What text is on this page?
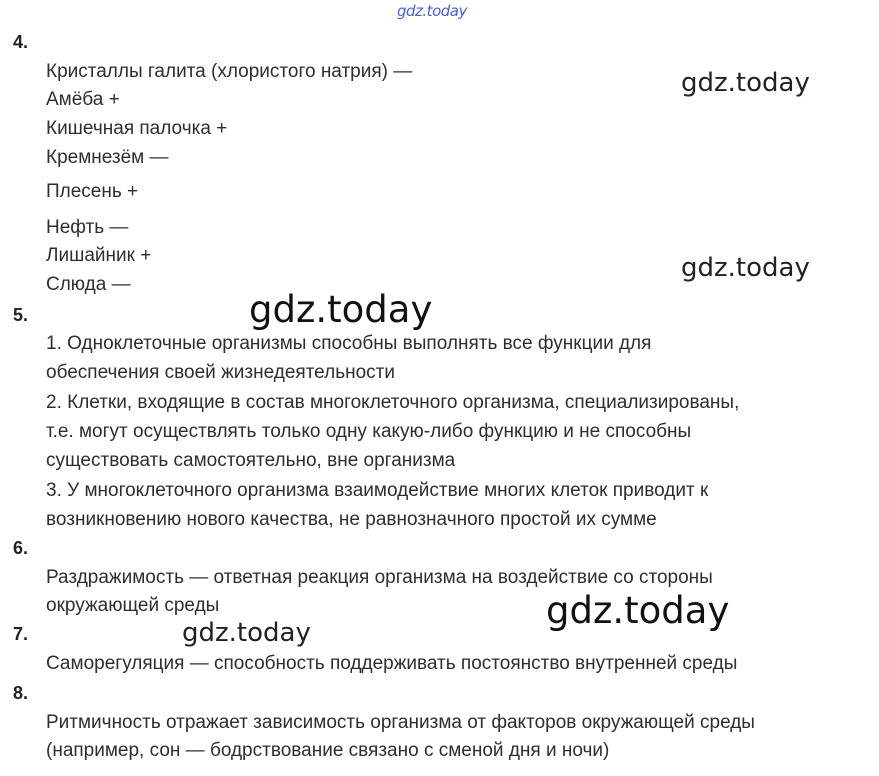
gdz.today
gdz.today
gdz.today
gdz.today
gdz.today
gdz.today
4.
Кристаллы галита (хлористого натрия) —
Амёба +
Кишечная палочка +
Кремнезём —
Плесень +
Нефть —
Лишайник +
Слюда —
5.
1. Одноклеточные организмы способны выполнять все функции для
обеспечения своей жизнедеятельности
2. Клетки, входящие в состав многоклеточного организма, специализированы,
т.е. могут осуществлять только одну какую-либо функцию и не способны
существовать самостоятельно, вне организма
3. У многоклеточного организма взаимодействие многих клеток приводит к
возникновению нового качества, не равнозначного простой их сумме
6.
Раздражимость — ответная реакция организма на воздействие со стороны
окружающей среды
7.
Саморегуляция — способность поддерживать постоянство внутренней среды
8.
Ритмичность отражает зависимость организма от факторов окружающей среды
(например, сон — бодрствование связано с сменой дня и ночи)
